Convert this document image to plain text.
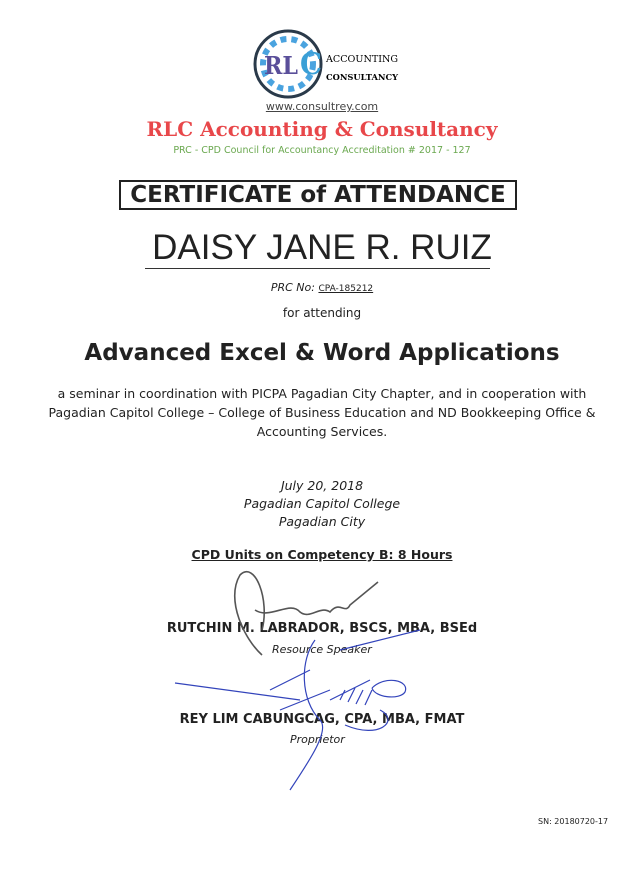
RL C ACCOUNTING
CONSULTANCY
www.consultrey.com
RLC Accounting & Consultancy
PRC - CPD Council for Accountancy Accreditation # 2017 - 127
CERTIFICATE of ATTENDANCE
DAISY JANE R. RUIZ
PRC No: CPA-185212
for attending
Advanced Excel & Word Applications
a seminar in coordination with PICPA Pagadian City Chapter, and in cooperation with Pagadian Capitol College – College of Business Education and ND Bookkeeping Office & Accounting Services.
July 20, 2018
Pagadian Capitol College
Pagadian City
CPD Units on Competency B: 8 Hours
RUTCHIN M. LABRADOR, BSCS, MBA, BSEd
Resource Speaker
REY LIM CABUNGCAG, CPA, MBA, FMAT
Proprietor
SN: 20180720-17
